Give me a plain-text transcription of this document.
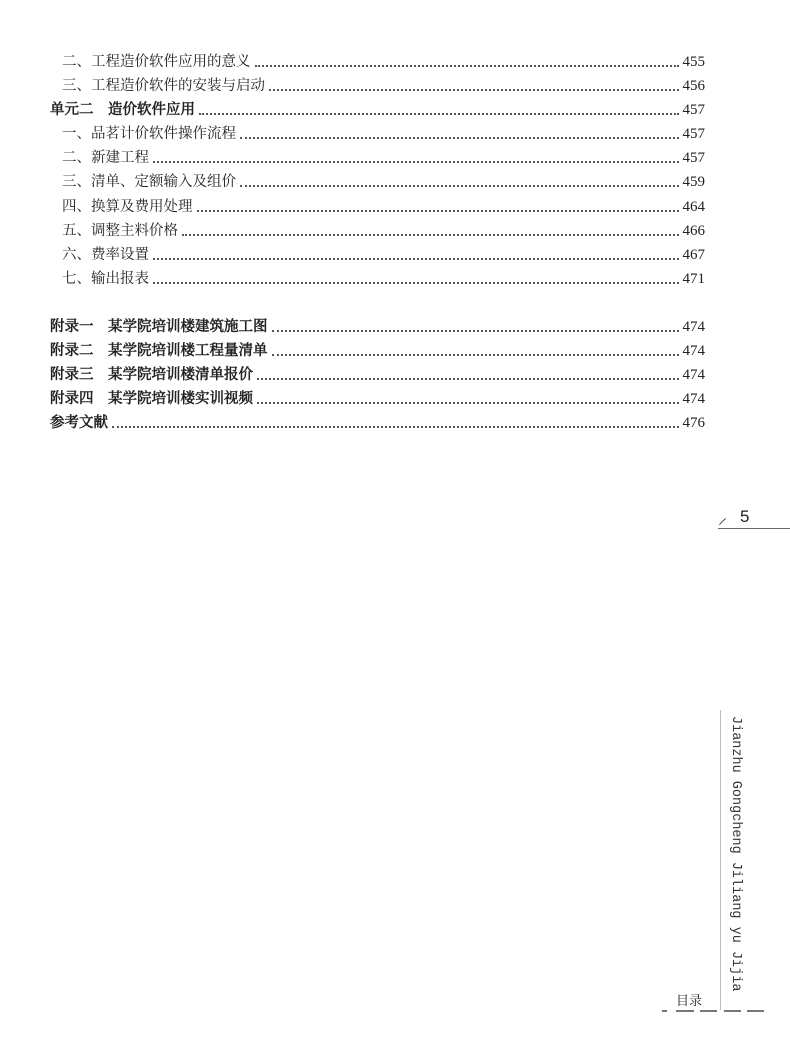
二、工程造价软件应用的意义	455
三、工程造价软件的安装与启动	456
单元二　造价软件应用	457
一、品茗计价软件操作流程	457
二、新建工程	457
三、清单、定额输入及组价	459
四、换算及费用处理	464
五、调整主料价格	466
六、费率设置	467
七、输出报表	471
附录一　某学院培训楼建筑施工图	474
附录二　某学院培训楼工程量清单	474
附录三　某学院培训楼清单报价	474
附录四　某学院培训楼实训视频	474
参考文献	476
5
Jianzhu Gongcheng Jiliang yu Jijia
目录
